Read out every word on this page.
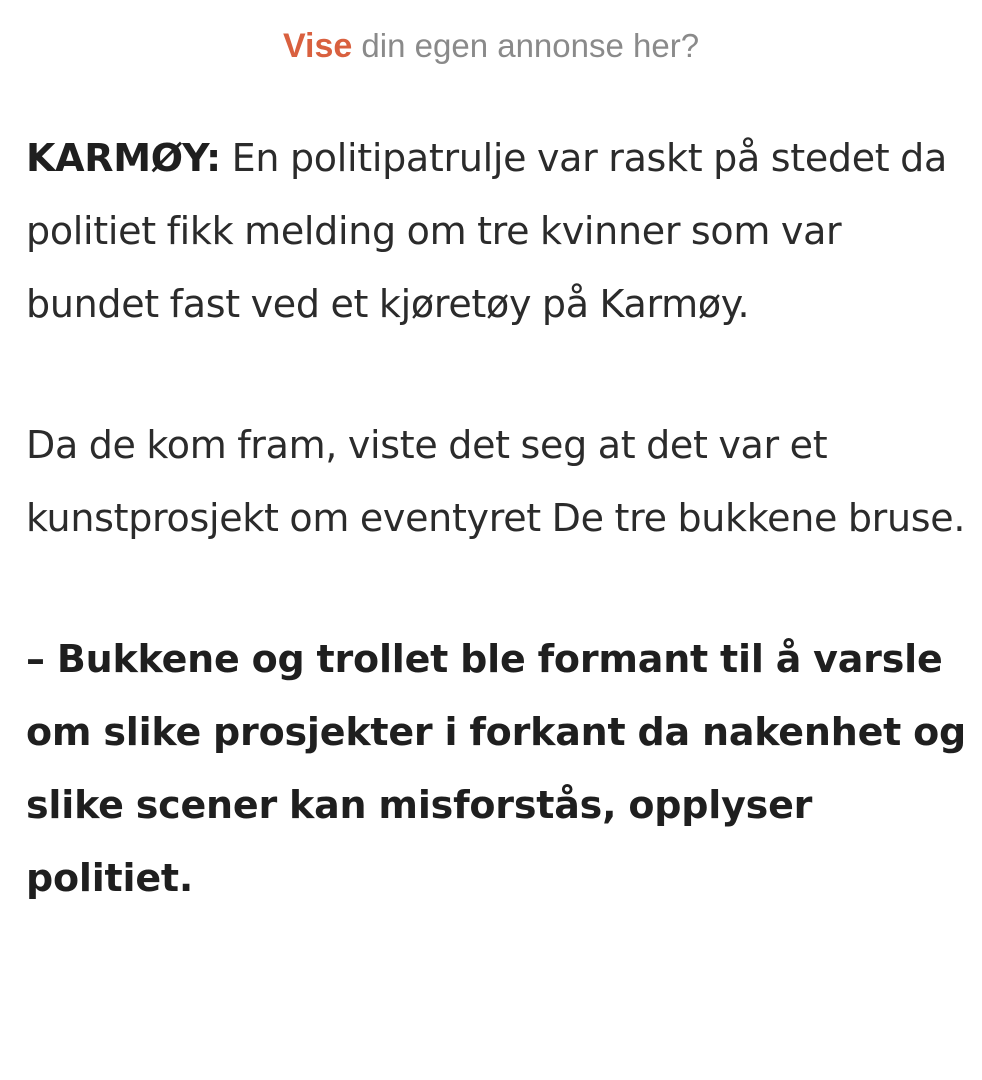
Vise din egen annonse her?

KARMØY: En politipatrulje var raskt på stedet da politiet fikk melding om tre kvinner som var bundet fast ved et kjøretøy på Karmøy.

Da de kom fram, viste det seg at det var et kunstprosjekt om eventyret De tre bukkene bruse.

– Bukkene og trollet ble formant til å varsle om slike prosjekter i forkant da nakenhet og slike scener kan misforstås, opplyser politiet.
